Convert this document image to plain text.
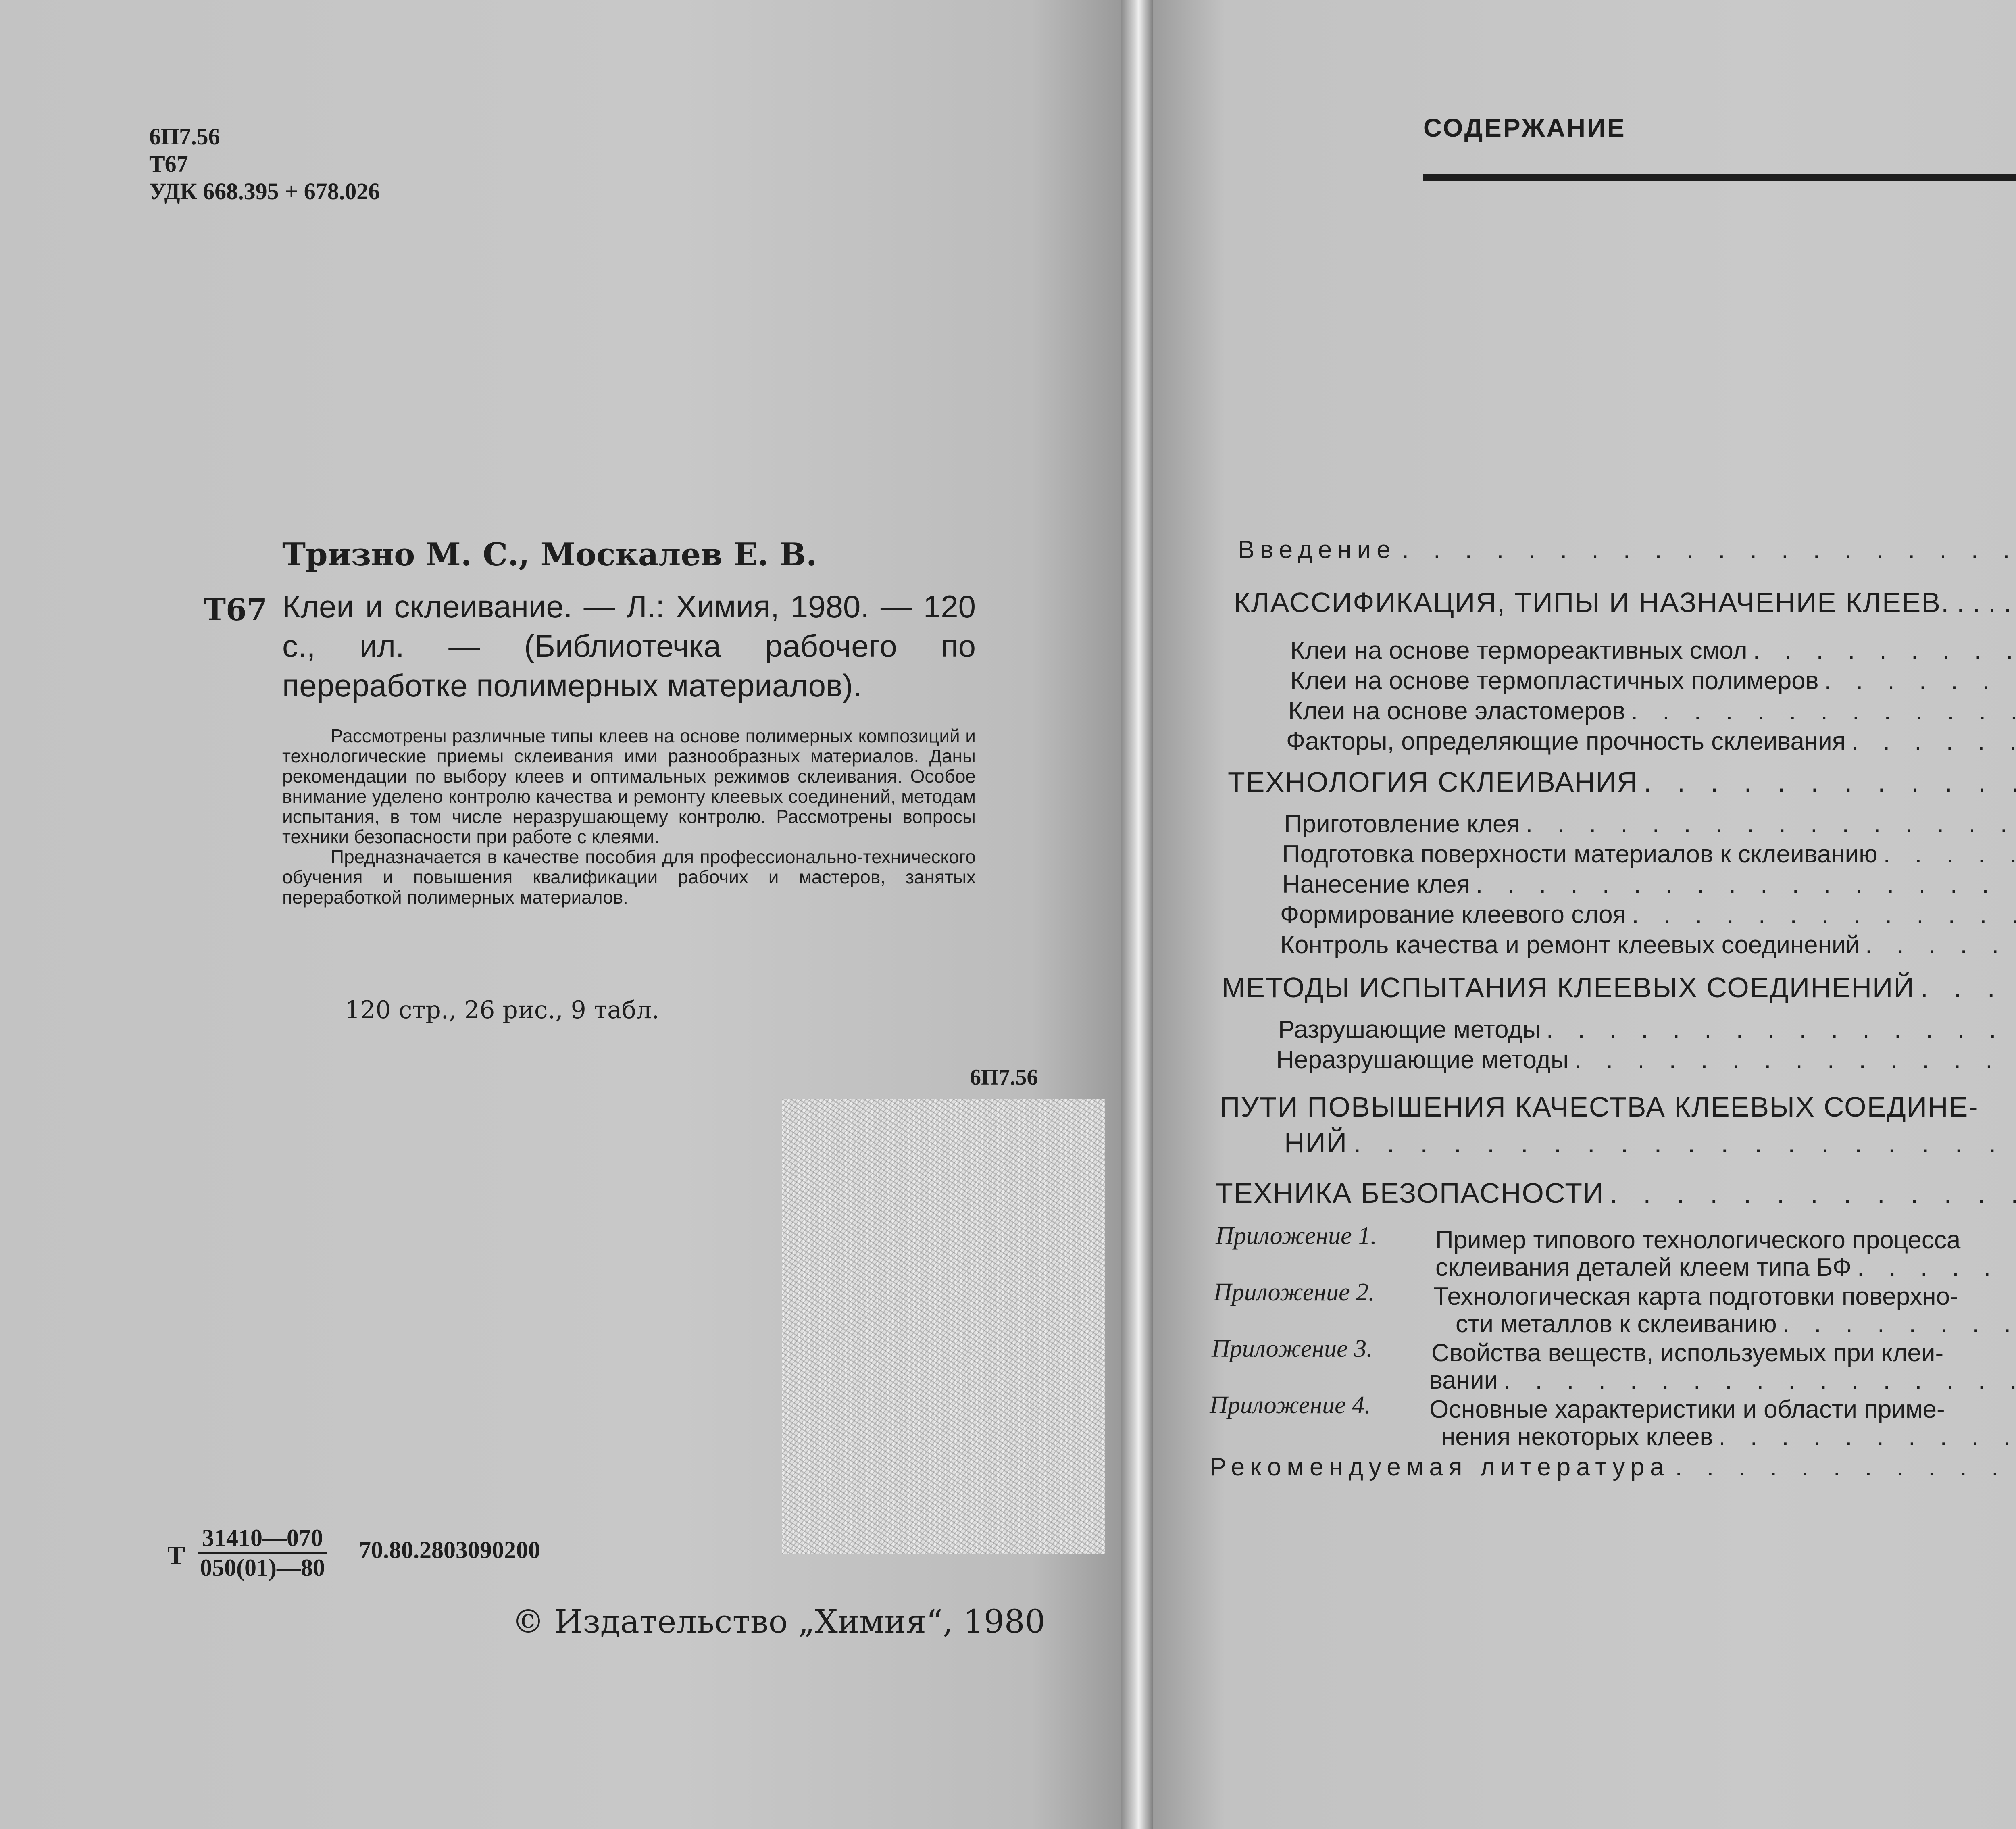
6П7.56
Т67
УДК 668.395 + 678.026
Тризно М. С., Москалев Е. В.
Т67 Клеи и склеивание. — Л.: Химия, 1980. — 120 с., ил. — (Библиотечка рабочего по переработке полимерных материалов).
Рассмотрены различные типы клеев на основе полимерных композиций и технологические приемы склеивания ими разнообразных материалов. Даны рекомендации по выбору клеев и оптимальных режимов склеивания. Особое внимание уделено контролю качества и ремонту клеевых соединений, методам испытания, в том числе неразрушающему контролю. Рассмотрены вопросы техники безопасности при работе с клеями.
Предназначается в качестве пособия для профессионально-технического обучения и повышения квалификации рабочих и мастеров, занятых переработкой полимерных материалов.
120 стр., 26 рис., 9 табл.
6П7.56
Т $\frac{31410—070}{050(01)—80} 70.80.2803090200$
© Издательство „Химия“, 1980
СОДЕРЖАНИЕ
Введение
. . .
КЛАССИФИКАЦИЯ, ТИПЫ И НАЗНАЧЕНИЕ КЛЕЕВ
. . .
Клеи на основе термореактивных смол
. . .
Клеи на основе термопластичных полимеров
. . .
Клеи на основе эластомеров
. . .
Факторы, определяющие прочность склеивания
. . .
ТЕХНОЛОГИЯ СКЛЕИВАНИЯ
. . .
Приготовление клея
. . .
Подготовка поверхности материалов к склеиванию
. . .
Нанесение клея
. . .
Формирование клеевого слоя
. . .
Контроль качества и ремонт клеевых соединений
. . .
МЕТОДЫ ИСПЫТАНИЯ КЛЕЕВЫХ СОЕДИНЕНИЙ
. . .
Разрушающие методы
. . .
Неразрушающие методы
. . .
ПУТИ ПОВЫШЕНИЯ КАЧЕСТВА КЛЕЕВЫХ СОЕДИНЕ-
НИЙ
. . .
ТЕХНИКА БЕЗОПАСНОСТИ
. . .
Приложение 1. Пример типового технологического процесса
склеивания деталей клеем типа БФ
. . .
Приложение 2. Технологическая карта подготовки поверхно-
сти металлов к склеиванию
. . .
Приложение 3. Свойства веществ, используемых при клеи-
вании
. . .
Приложение 4. Основные характеристики и области приме-
нения некоторых клеев
. . .
Рекомендуемая литература
. . .
